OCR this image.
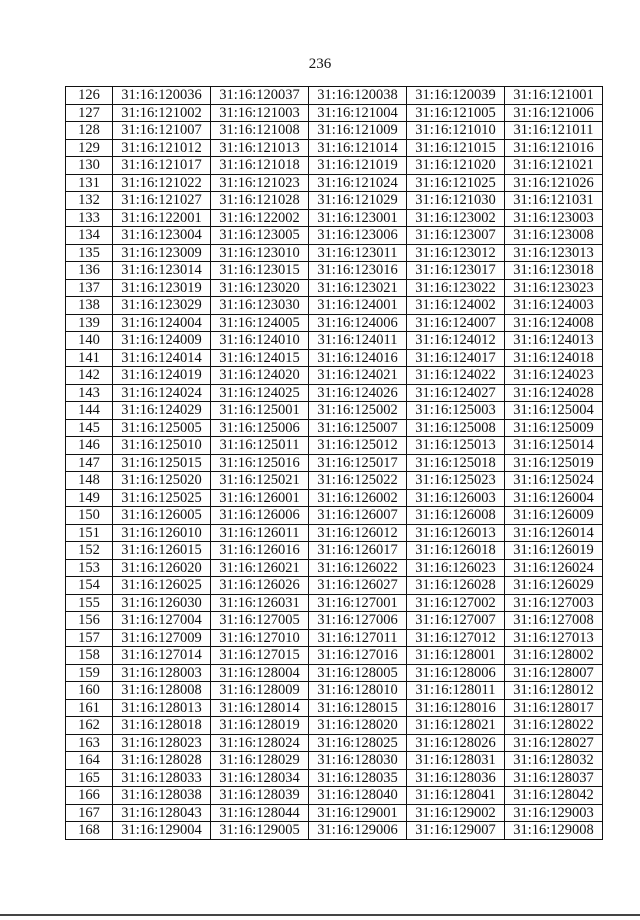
236
126	31:16:120036	31:16:120037	31:16:120038	31:16:120039	31:16:121001
127	31:16:121002	31:16:121003	31:16:121004	31:16:121005	31:16:121006
128	31:16:121007	31:16:121008	31:16:121009	31:16:121010	31:16:121011
129	31:16:121012	31:16:121013	31:16:121014	31:16:121015	31:16:121016
130	31:16:121017	31:16:121018	31:16:121019	31:16:121020	31:16:121021
131	31:16:121022	31:16:121023	31:16:121024	31:16:121025	31:16:121026
132	31:16:121027	31:16:121028	31:16:121029	31:16:121030	31:16:121031
133	31:16:122001	31:16:122002	31:16:123001	31:16:123002	31:16:123003
134	31:16:123004	31:16:123005	31:16:123006	31:16:123007	31:16:123008
135	31:16:123009	31:16:123010	31:16:123011	31:16:123012	31:16:123013
136	31:16:123014	31:16:123015	31:16:123016	31:16:123017	31:16:123018
137	31:16:123019	31:16:123020	31:16:123021	31:16:123022	31:16:123023
138	31:16:123029	31:16:123030	31:16:124001	31:16:124002	31:16:124003
139	31:16:124004	31:16:124005	31:16:124006	31:16:124007	31:16:124008
140	31:16:124009	31:16:124010	31:16:124011	31:16:124012	31:16:124013
141	31:16:124014	31:16:124015	31:16:124016	31:16:124017	31:16:124018
142	31:16:124019	31:16:124020	31:16:124021	31:16:124022	31:16:124023
143	31:16:124024	31:16:124025	31:16:124026	31:16:124027	31:16:124028
144	31:16:124029	31:16:125001	31:16:125002	31:16:125003	31:16:125004
145	31:16:125005	31:16:125006	31:16:125007	31:16:125008	31:16:125009
146	31:16:125010	31:16:125011	31:16:125012	31:16:125013	31:16:125014
147	31:16:125015	31:16:125016	31:16:125017	31:16:125018	31:16:125019
148	31:16:125020	31:16:125021	31:16:125022	31:16:125023	31:16:125024
149	31:16:125025	31:16:126001	31:16:126002	31:16:126003	31:16:126004
150	31:16:126005	31:16:126006	31:16:126007	31:16:126008	31:16:126009
151	31:16:126010	31:16:126011	31:16:126012	31:16:126013	31:16:126014
152	31:16:126015	31:16:126016	31:16:126017	31:16:126018	31:16:126019
153	31:16:126020	31:16:126021	31:16:126022	31:16:126023	31:16:126024
154	31:16:126025	31:16:126026	31:16:126027	31:16:126028	31:16:126029
155	31:16:126030	31:16:126031	31:16:127001	31:16:127002	31:16:127003
156	31:16:127004	31:16:127005	31:16:127006	31:16:127007	31:16:127008
157	31:16:127009	31:16:127010	31:16:127011	31:16:127012	31:16:127013
158	31:16:127014	31:16:127015	31:16:127016	31:16:128001	31:16:128002
159	31:16:128003	31:16:128004	31:16:128005	31:16:128006	31:16:128007
160	31:16:128008	31:16:128009	31:16:128010	31:16:128011	31:16:128012
161	31:16:128013	31:16:128014	31:16:128015	31:16:128016	31:16:128017
162	31:16:128018	31:16:128019	31:16:128020	31:16:128021	31:16:128022
163	31:16:128023	31:16:128024	31:16:128025	31:16:128026	31:16:128027
164	31:16:128028	31:16:128029	31:16:128030	31:16:128031	31:16:128032
165	31:16:128033	31:16:128034	31:16:128035	31:16:128036	31:16:128037
166	31:16:128038	31:16:128039	31:16:128040	31:16:128041	31:16:128042
167	31:16:128043	31:16:128044	31:16:129001	31:16:129002	31:16:129003
168	31:16:129004	31:16:129005	31:16:129006	31:16:129007	31:16:129008
